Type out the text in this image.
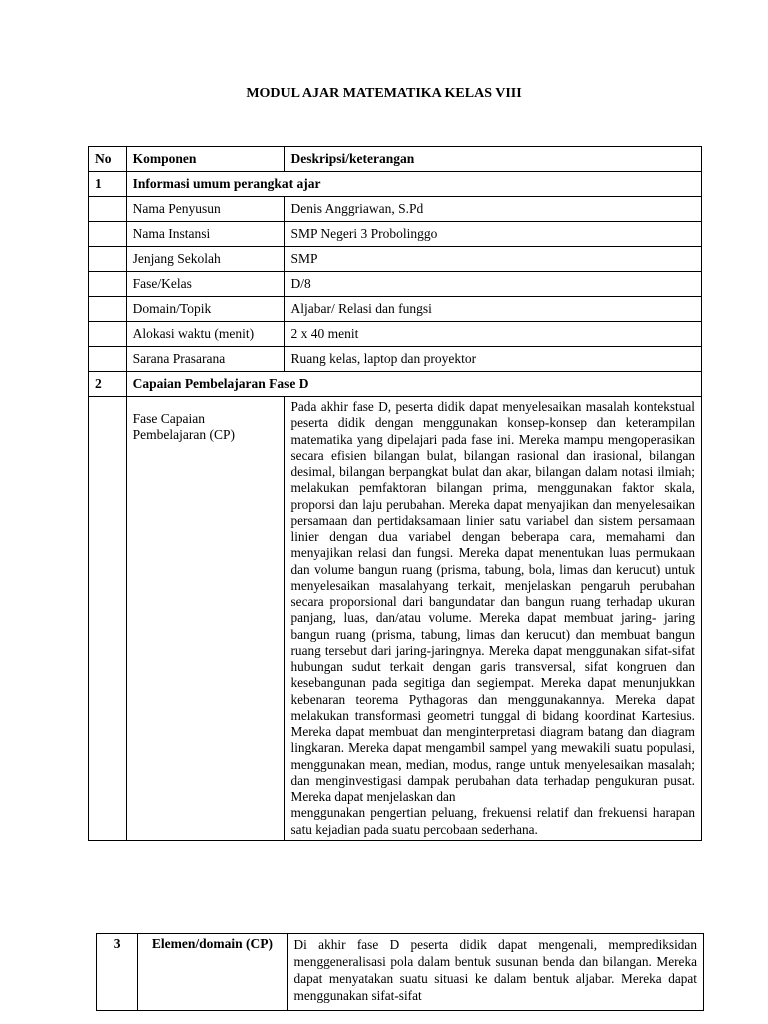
MODUL AJAR MATEMATIKA KELAS VIII
No	Komponen	Deskripsi/keterangan
1	Informasi umum perangkat ajar	
	Nama Penyusun	Denis Anggriawan, S.Pd
	Nama Instansi	SMP Negeri 3 Probolinggo
	Jenjang Sekolah	SMP
	Fase/Kelas	D/8
	Domain/Topik	Aljabar/ Relasi dan fungsi
	Alokasi waktu (menit)	2 x 40 menit
	Sarana Prasarana	Ruang kelas, laptop dan proyektor
2	Capaian Pembelajaran Fase D	
	Fase Capaian Pembelajaran (CP)	Pada akhir fase D, peserta didik dapat menyelesaikan masalah kontekstual peserta didik dengan menggunakan konsep-konsep dan keterampilan matematika yang dipelajari pada fase ini. Mereka mampu mengoperasikan secara efisien bilangan bulat, bilangan rasional dan irasional, bilangan desimal, bilangan berpangkat bulat dan akar, bilangan dalam notasi ilmiah; melakukan pemfaktoran bilangan prima, menggunakan faktor skala, proporsi dan laju perubahan. Mereka dapat menyajikan dan menyelesaikan persamaan dan pertidaksamaan linier satu variabel dan sistem persamaan linier dengan dua variabel dengan beberapa cara, memahami dan menyajikan relasi dan fungsi. Mereka dapat menentukan luas permukaan dan volume bangun ruang (prisma, tabung, bola, limas dan kerucut) untuk menyelesaikan masalahyang terkait, menjelaskan pengaruh perubahan secara proporsional dari bangundatar dan bangun ruang terhadap ukuran panjang, luas, dan/atau volume. Mereka dapat membuat jaring- jaring bangun ruang (prisma, tabung, limas dan kerucut) dan membuat bangun ruang tersebut dari jaring-jaringnya. Mereka dapat menggunakan sifat-sifat hubungan sudut terkait dengan garis transversal, sifat kongruen dan kesebangunan pada segitiga dan segiempat. Mereka dapat menunjukkan kebenaran teorema Pythagoras dan menggunakannya. Mereka dapat melakukan transformasi geometri tunggal di bidang koordinat Kartesius. Mereka dapat membuat dan menginterpretasi diagram batang dan diagram lingkaran. Mereka dapat mengambil sampel yang mewakili suatu populasi, menggunakan mean, median, modus, range untuk menyelesaikan masalah; dan menginvestigasi dampak perubahan data terhadap pengukuran pusat. Mereka dapat menjelaskan dan
menggunakan pengertian peluang, frekuensi relatif dan frekuensi harapan satu kejadian pada suatu percobaan sederhana.
3	Elemen/domain (CP)	Di akhir fase D peserta didik dapat mengenali, memprediksidan menggeneralisasi pola dalam bentuk susunan benda dan bilangan. Mereka dapat menyatakan suatu situasi ke dalam bentuk aljabar. Mereka dapat menggunakan sifat-sifat
